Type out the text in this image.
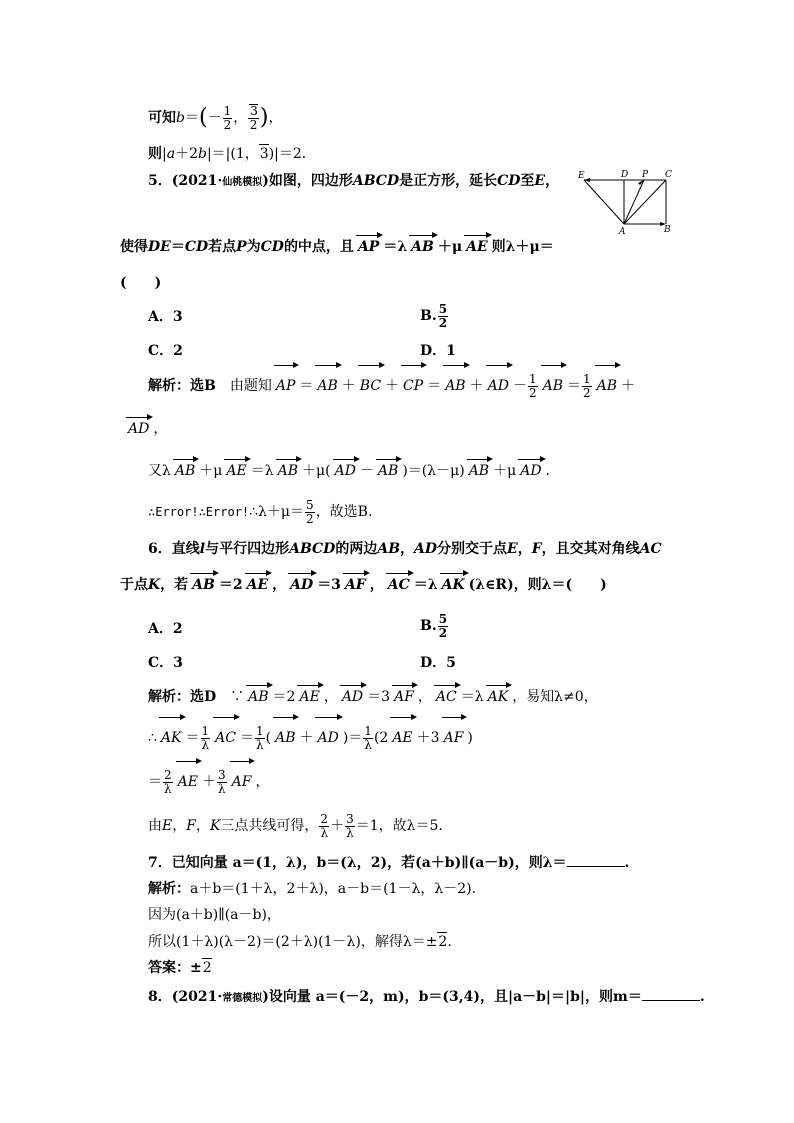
可知$b=(- \frac{1}{2}$ ， $\frac{3}{2}$ )，
则|a＋2b|＝|(1，3)|＝2.
5．(2021·仙桃模拟)如图，四边形ABCD是正方形，延长CD至E， E	D P C
A	B
使得DE＝CD若点P为CD的中点，且 AP ＝λ AB ＋μ AE 则λ＋μ＝
(　　)
A．3	B. $\frac{5}{2}$
C．2	D．1
解析：选B　 由题知 AP ＝ AB ＋ BC ＋ CP ＝ AB ＋ AD － $\frac{1}{2}$ AB ＝ $\frac{1}{2}$ AB ＋
AD ，
又λ AB ＋μ AE ＝λ AB ＋μ( AD － AB )＝(λ－μ) AB ＋μ AD .
∴Error!∴Error!∴λ＋μ＝ $\frac{5}{2}$ ，故选B.
6．直线l与平行四边形ABCD的两边AB，AD分别交于点E，F，且交其对角线AC
于点K，若 AB ＝2 AE ， AD ＝3 AF ， AC ＝λ AK (λ∈R)，则λ＝(　　)
A．2	B. $\frac{5}{2}$
C．3	D．5
解析：选D　∵ AB ＝2 AE ， AD ＝3 AF ， AC ＝λ AK ，易知λ≠0，
∴ AK ＝ $\frac{1}{\lambda}$ AC ＝ $\frac{1}{\lambda}$ ( AB ＋ AD )＝ $\frac{1}{\lambda} (2$ AE ＋3 AF )
＝ $\frac{2}{\lambda}$ AE ＋ $\frac{3}{\lambda}$ AF ，
由E，F，K三点共线可得， $\frac{2}{\lambda} + \frac{3}{\lambda} =1$，故λ＝5.
7．已知向量 a＝(1，λ)，b＝(λ，2)，若(a＋b)∥(a－b)，则λ＝	.
解析：a＋b＝(1＋λ，2＋λ)，a－b＝(1－λ，λ－2).
因为(a＋b)∥(a－b)，
所以(1＋λ)(λ－2)＝(2＋λ)(1－λ)，解得λ＝±2.
答案：±2
8．(2021·常德模拟)设向量 a＝(－2，m)，b＝(3,4)，且|a－b|＝|b|，则m＝	.
